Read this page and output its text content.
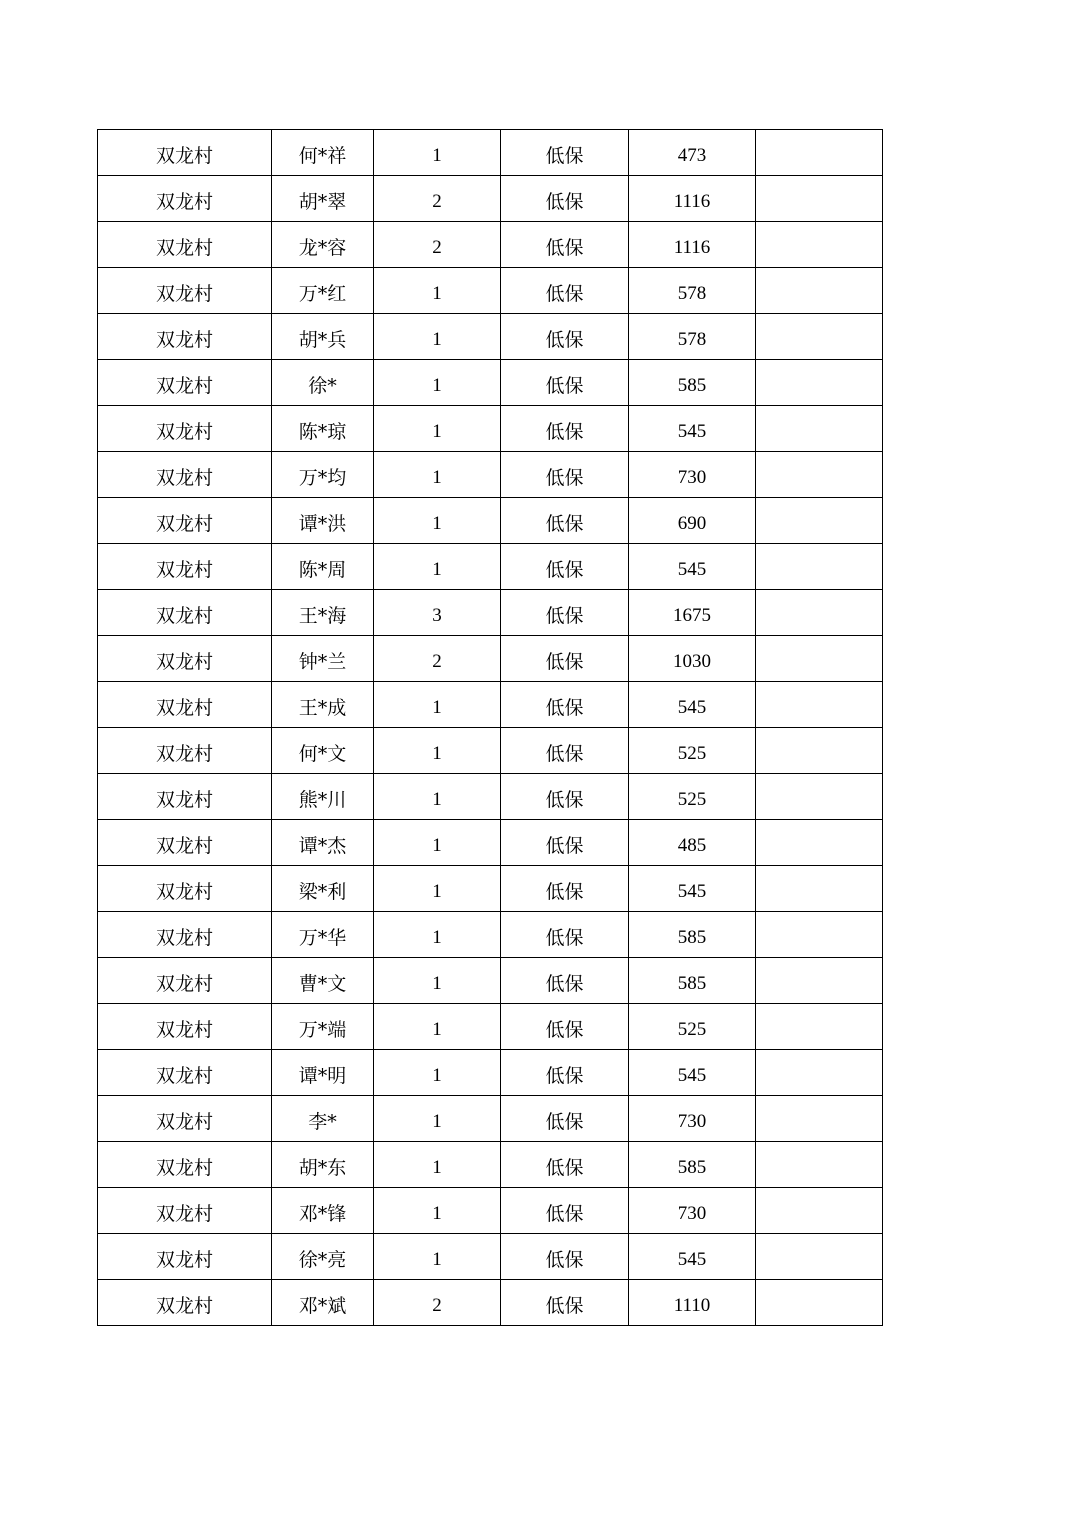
双龙村	何*祥	1	低保	473	
双龙村	胡*翠	2	低保	1116	
双龙村	龙*容	2	低保	1116	
双龙村	万*红	1	低保	578	
双龙村	胡*兵	1	低保	578	
双龙村	徐*	1	低保	585	
双龙村	陈*琼	1	低保	545	
双龙村	万*均	1	低保	730	
双龙村	谭*洪	1	低保	690	
双龙村	陈*周	1	低保	545	
双龙村	王*海	3	低保	1675	
双龙村	钟*兰	2	低保	1030	
双龙村	王*成	1	低保	545	
双龙村	何*文	1	低保	525	
双龙村	熊*川	1	低保	525	
双龙村	谭*杰	1	低保	485	
双龙村	梁*利	1	低保	545	
双龙村	万*华	1	低保	585	
双龙村	曹*文	1	低保	585	
双龙村	万*端	1	低保	525	
双龙村	谭*明	1	低保	545	
双龙村	李*	1	低保	730	
双龙村	胡*东	1	低保	585	
双龙村	邓*锋	1	低保	730	
双龙村	徐*亮	1	低保	545	
双龙村	邓*斌	2	低保	1110	
